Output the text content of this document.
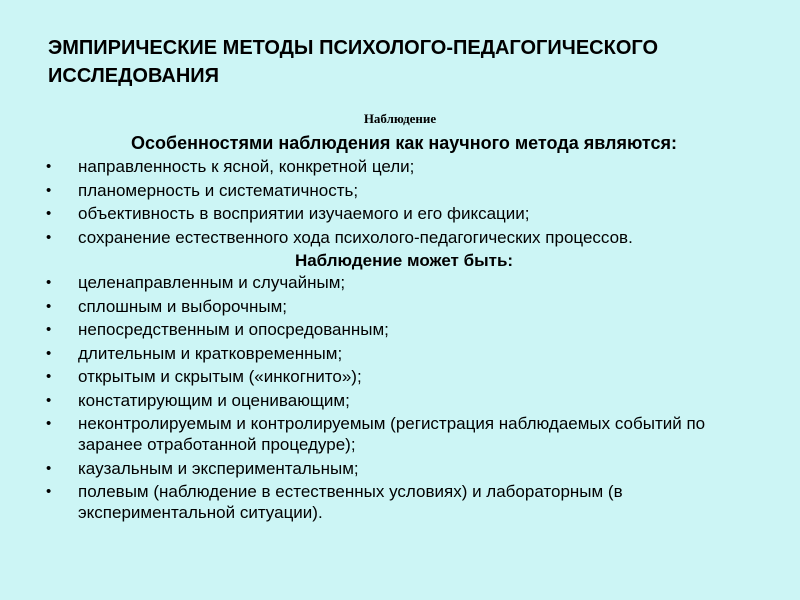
ЭМПИРИЧЕСКИЕ МЕТОДЫ ПСИХОЛОГО-ПЕДАГОГИЧЕСКОГО ИССЛЕДОВАНИЯ

Наблюдение

Особенностями наблюдения как научного метода являются:

• направленность к ясной, конкретной цели;
• планомерность и систематичность;
• объективность в восприятии изучаемого и его фиксации;
• сохранение естественного хода психолого-педагогических процессов.

Наблюдение может быть:

• целенаправленным и случайным;
• сплошным и выборочным;
• непосредственным и опосредованным;
• длительным и кратковременным;
• открытым и скрытым («инкогнито»);
• констатирующим и оценивающим;
• неконтролируемым и контролируемым (регистрация наблюдаемых событий по заранее отработанной процедуре);
• каузальным и экспериментальным;
• полевым (наблюдение в естественных условиях) и лабораторным (в экспериментальной ситуации).
